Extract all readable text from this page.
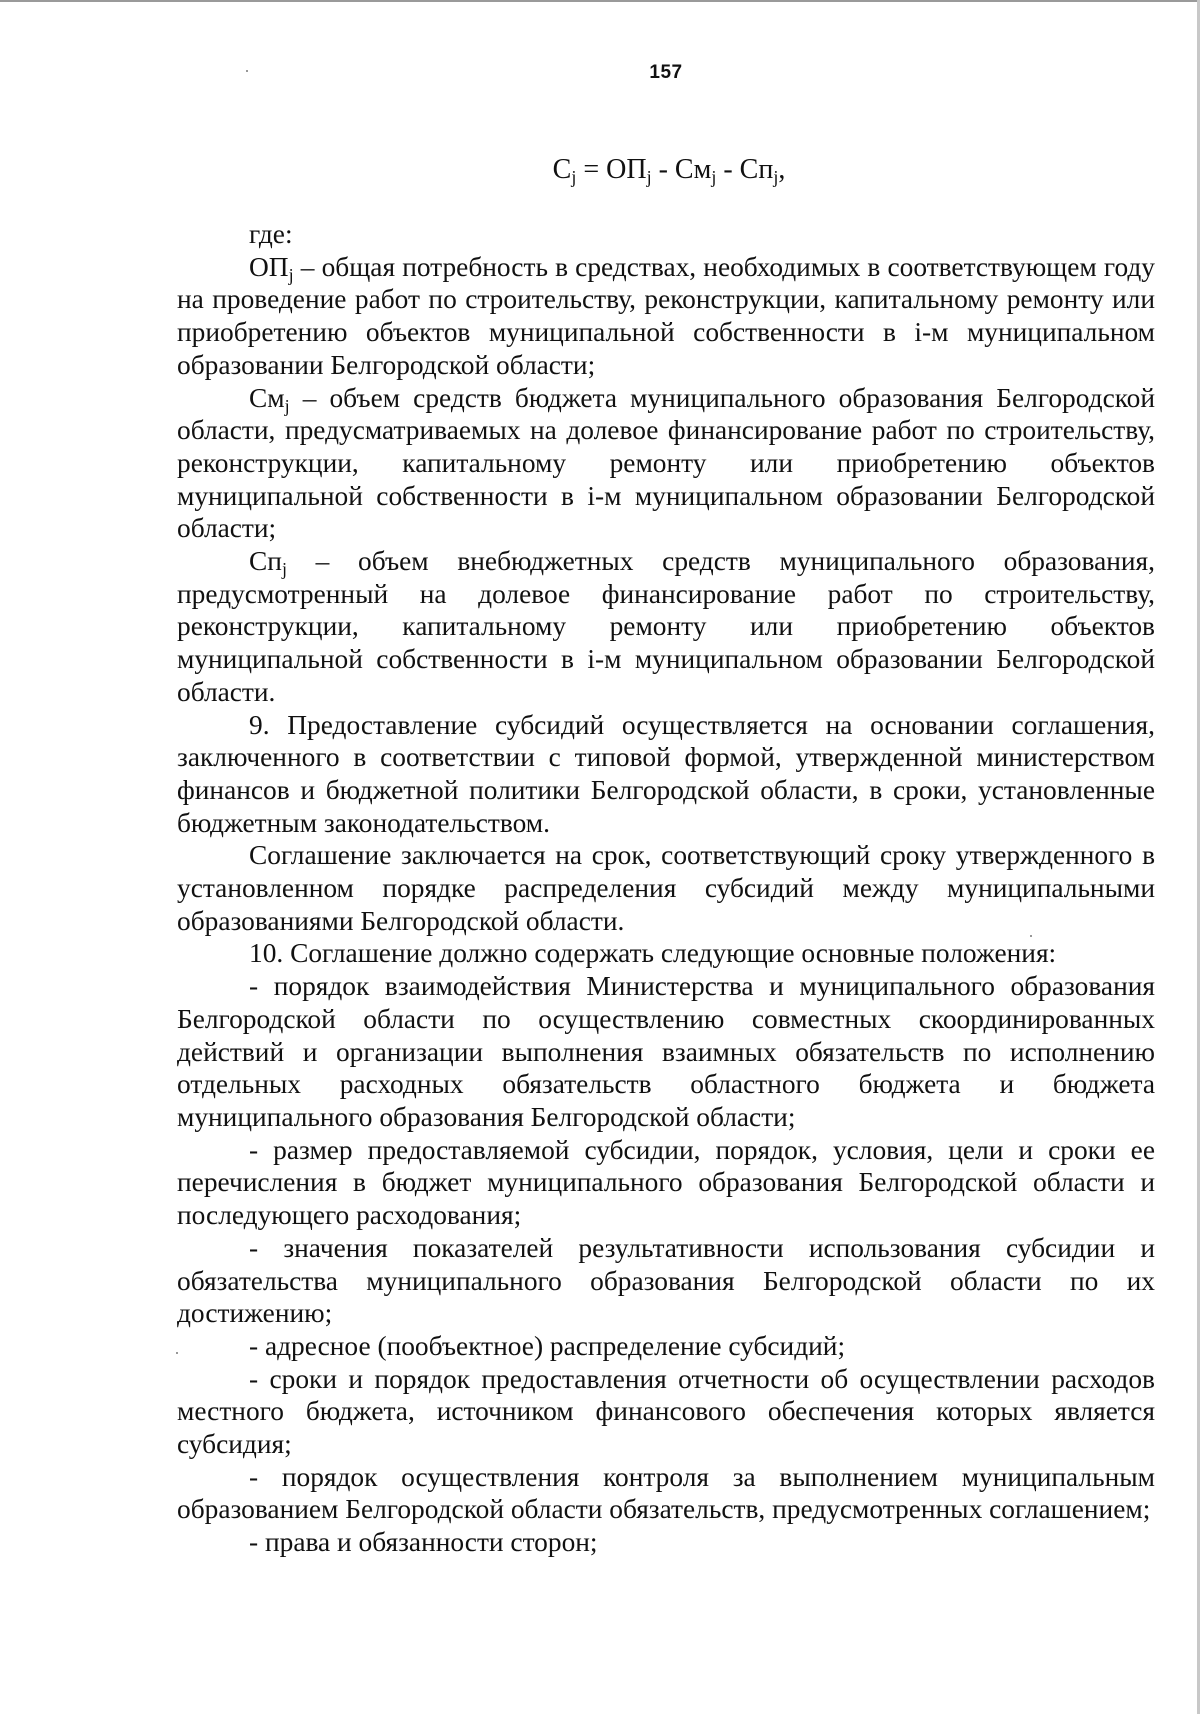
157
$C_j = ОП_j - См_j - Сп_j$,

где:

$ОП_j$ – общая потребность в средствах, необходимых в соответствующем году на проведение работ по строительству, реконструкции, капитальному ремонту или приобретению объектов муниципальной собственности в i-м муниципальном образовании Белгородской области;

$См_j$ – объем средств бюджета муниципального образования Белгородской области, предусматриваемых на долевое финансирование работ по строительству, реконструкции, капитальному ремонту или приобретению объектов муниципальной собственности в i-м муниципальном образовании Белгородской области;

$Сп_j$ – объем внебюджетных средств муниципального образования, предусмотренный на долевое финансирование работ по строительству, реконструкции, капитальному ремонту или приобретению объектов муниципальной собственности в i-м муниципальном образовании Белгородской области.

9. Предоставление субсидий осуществляется на основании соглашения, заключенного в соответствии с типовой формой, утвержденной министерством финансов и бюджетной политики Белгородской области, в сроки, установленные бюджетным законодательством.

Соглашение заключается на срок, соответствующий сроку утвержденного в установленном порядке распределения субсидий между муниципальными образованиями Белгородской области.

10. Соглашение должно содержать следующие основные положения:

- порядок взаимодействия Министерства и муниципального образования Белгородской области по осуществлению совместных скоординированных действий и организации выполнения взаимных обязательств по исполнению отдельных расходных обязательств областного бюджета и бюджета муниципального образования Белгородской области;

- размер предоставляемой субсидии, порядок, условия, цели и сроки ее перечисления в бюджет муниципального образования Белгородской области и последующего расходования;

- значения показателей результативности использования субсидии и обязательства муниципального образования Белгородской области по их достижению;

- адресное (пообъектное) распределение субсидий;

- сроки и порядок предоставления отчетности об осуществлении расходов местного бюджета, источником финансового обеспечения которых является субсидия;

- порядок осуществления контроля за выполнением муниципальным образованием Белгородской области обязательств, предусмотренных соглашением;

- права и обязанности сторон;
